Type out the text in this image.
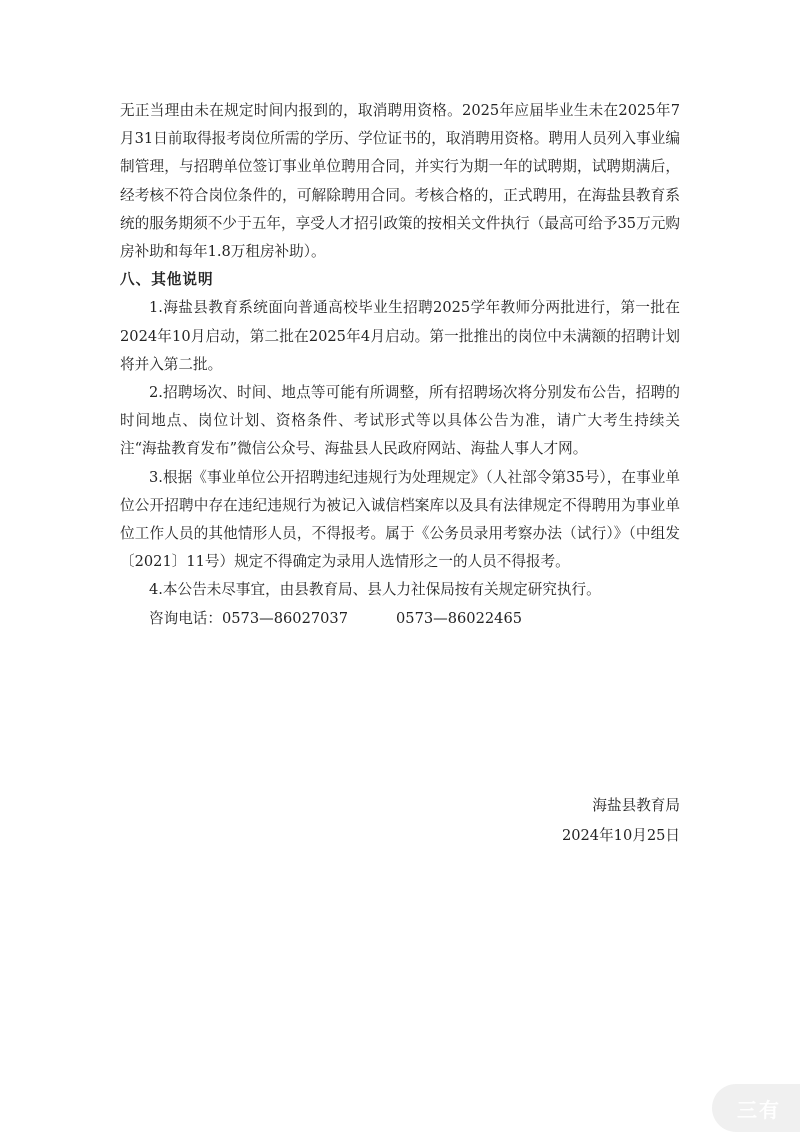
无正当理由未在规定时间内报到的，取消聘用资格。2025年应届毕业生未在2025年7月31日前取得报考岗位所需的学历、学位证书的，取消聘用资格。聘用人员列入事业编制管理，与招聘单位签订事业单位聘用合同，并实行为期一年的试聘期，试聘期满后，经考核不符合岗位条件的，可解除聘用合同。考核合格的，正式聘用，在海盐县教育系统的服务期须不少于五年，享受人才招引政策的按相关文件执行（最高可给予35万元购房补助和每年1.8万租房补助）。

八、其他说明

1.海盐县教育系统面向普通高校毕业生招聘2025学年教师分两批进行，第一批在2024年10月启动，第二批在2025年4月启动。第一批推出的岗位中未满额的招聘计划将并入第二批。

2.招聘场次、时间、地点等可能有所调整，所有招聘场次将分别发布公告，招聘的时间地点、岗位计划、资格条件、考试形式等以具体公告为准，请广大考生持续关注“海盐教育发布”微信公众号、海盐县人民政府网站、海盐人事人才网。

3.根据《事业单位公开招聘违纪违规行为处理规定》（人社部令第35号），在事业单位公开招聘中存在违纪违规行为被记入诚信档案库以及具有法律规定不得聘用为事业单位工作人员的其他情形人员，不得报考。属于《公务员录用考察办法（试行）》（中组发〔2021〕11号）规定不得确定为录用人选情形之一的人员不得报考。

4.本公告未尽事宜，由县教育局、县人力社保局按有关规定研究执行。

咨询电话：0573—86027037	0573—86022465

海盐县教育局
2024年10月25日
三有
